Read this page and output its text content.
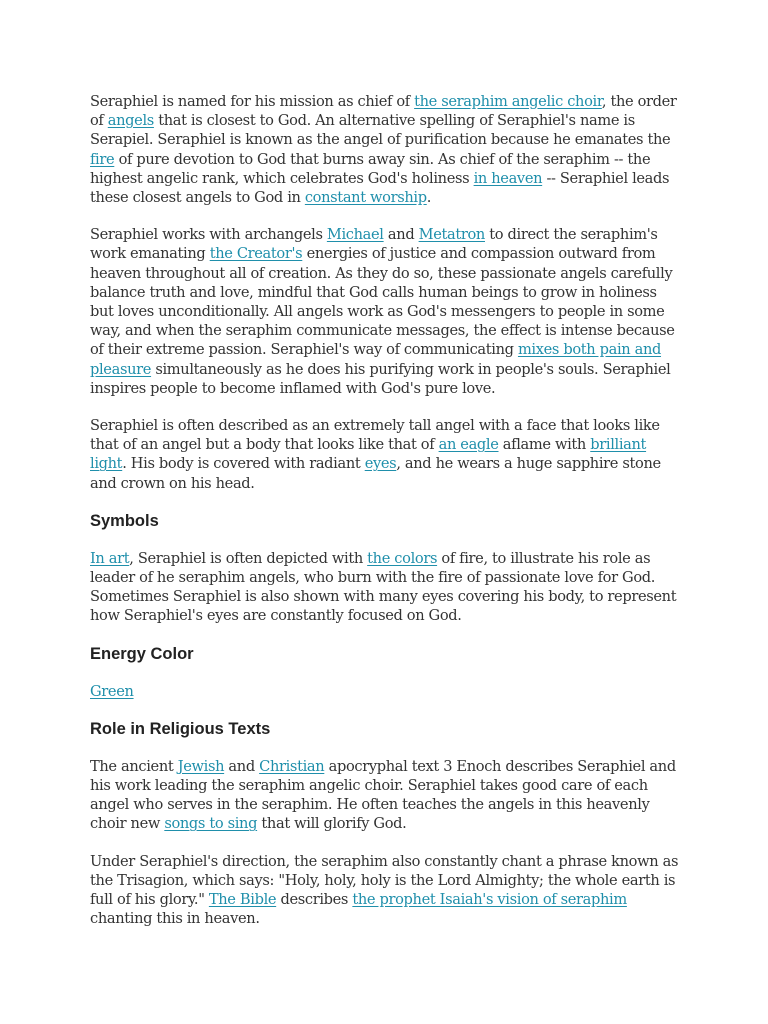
Seraphiel is named for his mission as chief of the seraphim angelic choir, the order of angels that is closest to God. An alternative spelling of Seraphiel's name is Serapiel. Seraphiel is known as the angel of purification because he emanates the fire of pure devotion to God that burns away sin. As chief of the seraphim -- the highest angelic rank, which celebrates God's holiness in heaven -- Seraphiel leads these closest angels to God in constant worship.

Seraphiel works with archangels Michael and Metatron to direct the seraphim's work emanating the Creator's energies of justice and compassion outward from heaven throughout all of creation. As they do so, these passionate angels carefully balance truth and love, mindful that God calls human beings to grow in holiness but loves unconditionally. All angels work as God's messengers to people in some way, and when the seraphim communicate messages, the effect is intense because of their extreme passion. Seraphiel's way of communicating mixes both pain and pleasure simultaneously as he does his purifying work in people's souls. Seraphiel inspires people to become inflamed with God's pure love.

Seraphiel is often described as an extremely tall angel with a face that looks like that of an angel but a body that looks like that of an eagle aflame with brilliant light. His body is covered with radiant eyes, and he wears a huge sapphire stone and crown on his head.

Symbols

In art, Seraphiel is often depicted with the colors of fire, to illustrate his role as leader of he seraphim angels, who burn with the fire of passionate love for God. Sometimes Seraphiel is also shown with many eyes covering his body, to represent how Seraphiel's eyes are constantly focused on God.

Energy Color

Green

Role in Religious Texts

The ancient Jewish and Christian apocryphal text 3 Enoch describes Seraphiel and his work leading the seraphim angelic choir. Seraphiel takes good care of each angel who serves in the seraphim. He often teaches the angels in this heavenly choir new songs to sing that will glorify God.

Under Seraphiel's direction, the seraphim also constantly chant a phrase known as the Trisagion, which says: "Holy, holy, holy is the Lord Almighty; the whole earth is full of his glory." The Bible describes the prophet Isaiah's vision of seraphim chanting this in heaven.
